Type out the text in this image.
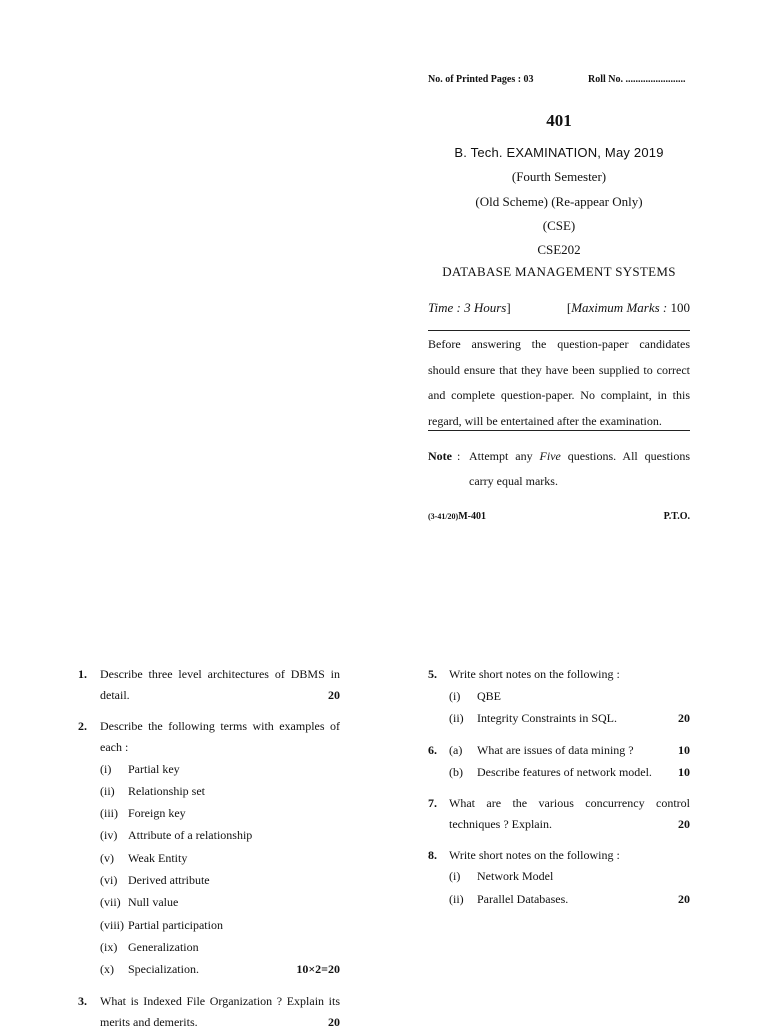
No. of Printed Pages : 03	Roll No. ........................
401
B. Tech. EXAMINATION, May 2019
(Fourth Semester)
(Old Scheme) (Re-appear Only)
(CSE)
CSE202
DATABASE MANAGEMENT SYSTEMS
Time : 3 Hours]	[Maximum Marks : 100
Before answering the question-paper candidates should ensure that they have been supplied to correct and complete question-paper. No complaint, in this regard, will be entertained after the examination.
Note : Attempt any Five questions. All questions carry equal marks.
(3-41/20)M-401	P.T.O.
1. Describe three level architectures of DBMS in detail.	20
2. Describe the following terms with examples of each :
(i) Partial key
(ii) Relationship set
(iii) Foreign key
(iv) Attribute of a relationship
(v) Weak Entity
(vi) Derived attribute
(vii) Null value
(viii) Partial participation
(ix) Generalization
(x) Specialization.	10×2=20
3. What is Indexed File Organization ? Explain its merits and demerits.	20
5. Write short notes on the following :
(i) QBE
(ii) Integrity Constraints in SQL.	20
6. (a) What are issues of data mining ?	10
(b) Describe features of network model. 10
7. What are the various concurrency control techniques ? Explain.	20
8. Write short notes on the following :
(i) Network Model
(ii) Parallel Databases.	20
